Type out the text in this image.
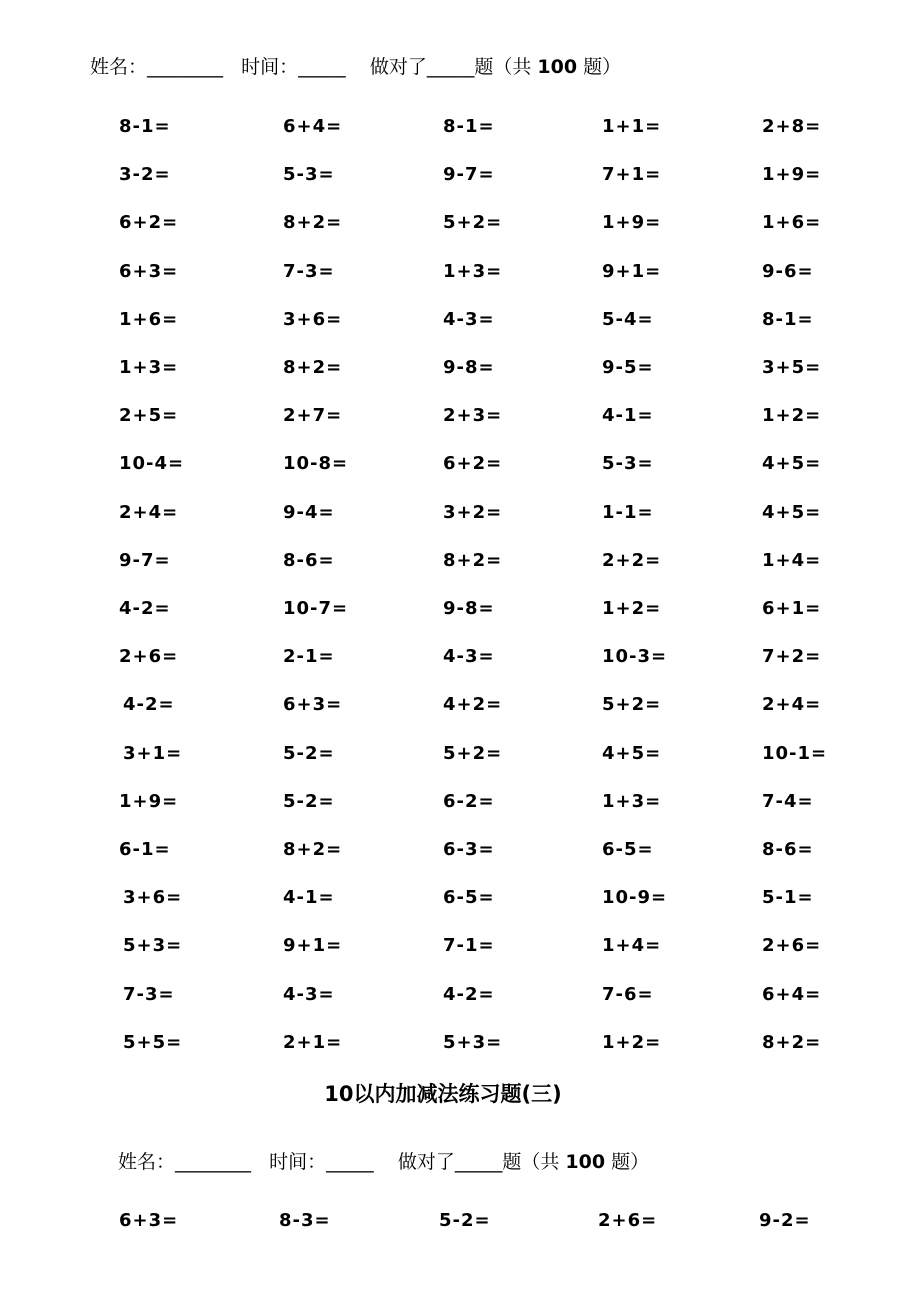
姓名：________ 时间：_____ 做对了_____题（共 100 题）
8-1=	6+4=	8-1=	1+1=	2+8=
3-2=	5-3=	9-7=	7+1=	1+9=
6+2=	8+2=	5+2=	1+9=	1+6=
6+3=	7-3=	1+3=	9+1=	9-6=
1+6=	3+6=	4-3=	5-4=	8-1=
1+3=	8+2=	9-8=	9-5=	3+5=
2+5=	2+7=	2+3=	4-1=	1+2=
10-4=	10-8=	6+2=	5-3=	4+5=
2+4=	9-4=	3+2=	1-1=	4+5=
9-7=	8-6=	8+2=	2+2=	1+4=
4-2=	10-7=	9-8=	1+2=	6+1=
2+6=	2-1=	4-3=	10-3=	7+2=
4-2=	6+3=	4+2=	5+2=	2+4=
3+1=	5-2=	5+2=	4+5=	10-1=
1+9=	5-2=	6-2=	1+3=	7-4=
6-1=	8+2=	6-3=	6-5=	8-6=
3+6=	4-1=	6-5=	10-9=	5-1=
5+3=	9+1=	7-1=	1+4=	2+6=
7-3=	4-3=	4-2=	7-6=	6+4=
5+5=	2+1=	5+3=	1+2=	8+2=
10以内加减法练习题(三)
姓名：________ 时间：_____ 做对了_____题（共 100 题）
6+3=	8-3=	5-2=	2+6=	9-2=
